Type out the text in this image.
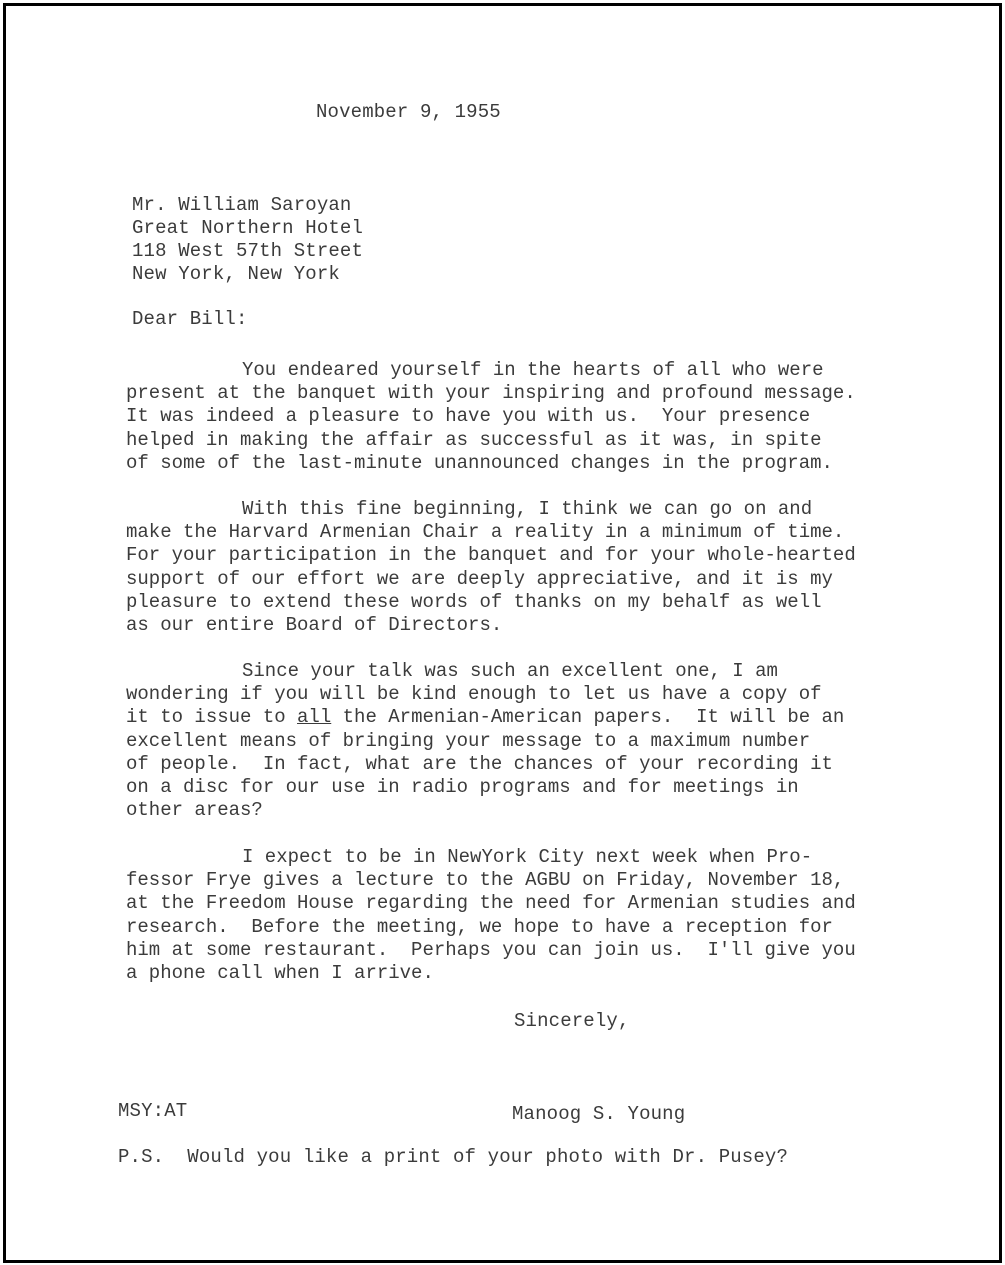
November 9, 1955
Mr. William Saroyan
Great Northern Hotel
118 West 57th Street
New York, New York
Dear Bill:
You endeared yourself in the hearts of all who were
present at the banquet with your inspiring and profound message.
It was indeed a pleasure to have you with us.  Your presence
helped in making the affair as successful as it was, in spite
of some of the last-minute unannounced changes in the program.
With this fine beginning, I think we can go on and
make the Harvard Armenian Chair a reality in a minimum of time.
For your participation in the banquet and for your whole-hearted
support of our effort we are deeply appreciative, and it is my
pleasure to extend these words of thanks on my behalf as well
as our entire Board of Directors.
Since your talk was such an excellent one, I am
wondering if you will be kind enough to let us have a copy of
it to issue to all the Armenian-American papers.  It will be an
excellent means of bringing your message to a maximum number
of people.  In fact, what are the chances of your recording it
on a disc for our use in radio programs and for meetings in
other areas?
I expect to be in NewYork City next week when Pro-
fessor Frye gives a lecture to the AGBU on Friday, November 18,
at the Freedom House regarding the need for Armenian studies and
research.  Before the meeting, we hope to have a reception for
him at some restaurant.  Perhaps you can join us.  I'll give you
a phone call when I arrive.
Sincerely,
MSY:AT	Manoog S. Young
P.S.  Would you like a print of your photo with Dr. Pusey?
